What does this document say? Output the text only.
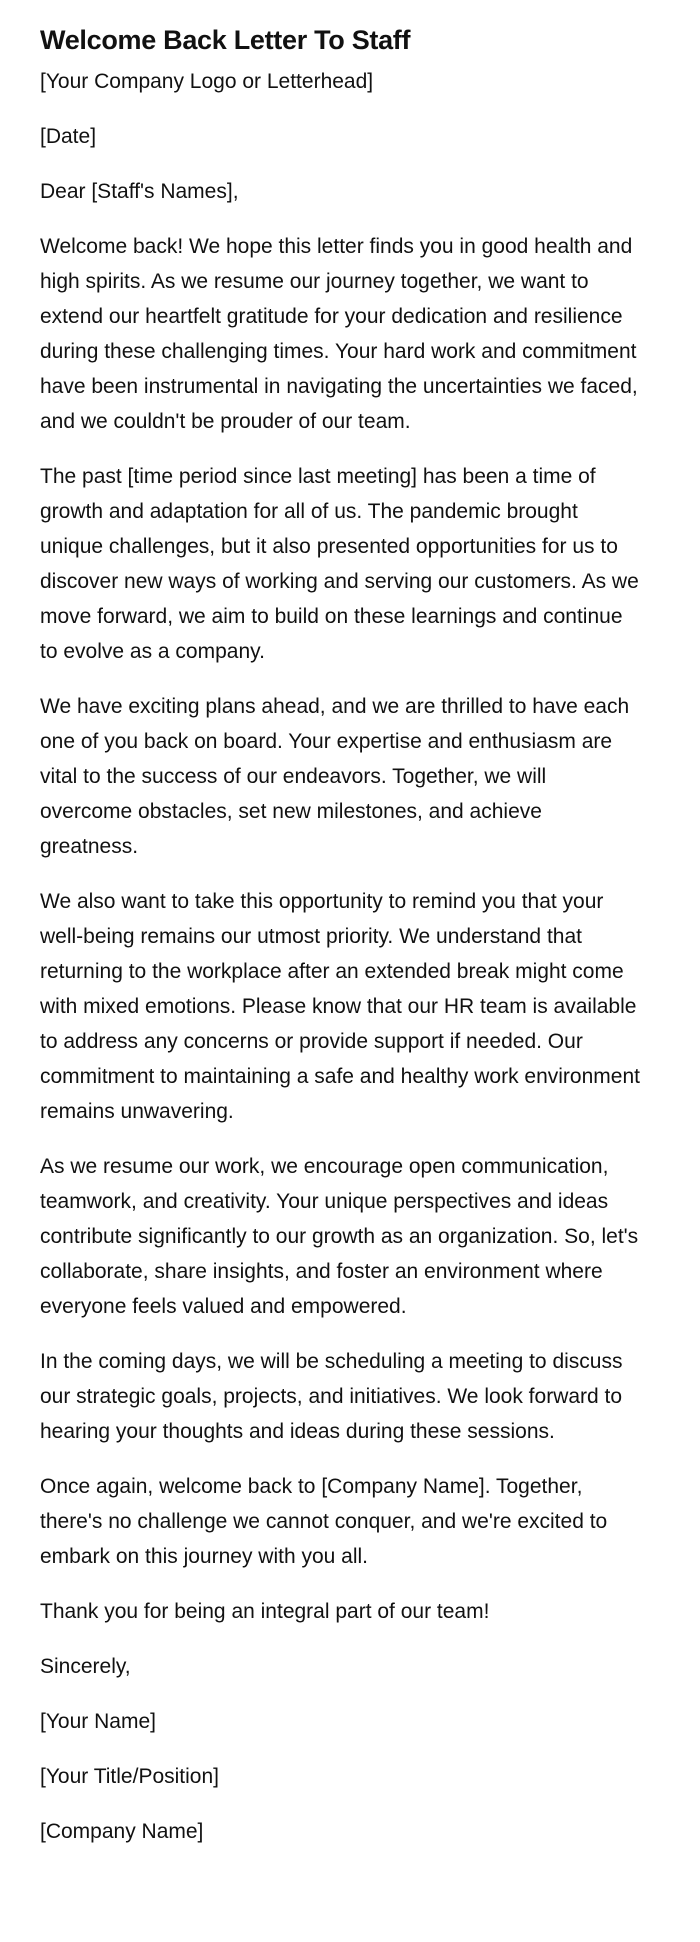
Welcome Back Letter To Staff

[Your Company Logo or Letterhead]

[Date]

Dear [Staff's Names],

Welcome back! We hope this letter finds you in good health and high spirits. As we resume our journey together, we want to extend our heartfelt gratitude for your dedication and resilience during these challenging times. Your hard work and commitment have been instrumental in navigating the uncertainties we faced, and we couldn't be prouder of our team.

The past [time period since last meeting] has been a time of growth and adaptation for all of us. The pandemic brought unique challenges, but it also presented opportunities for us to discover new ways of working and serving our customers. As we move forward, we aim to build on these learnings and continue to evolve as a company.

We have exciting plans ahead, and we are thrilled to have each one of you back on board. Your expertise and enthusiasm are vital to the success of our endeavors. Together, we will overcome obstacles, set new milestones, and achieve greatness.

We also want to take this opportunity to remind you that your well-being remains our utmost priority. We understand that returning to the workplace after an extended break might come with mixed emotions. Please know that our HR team is available to address any concerns or provide support if needed. Our commitment to maintaining a safe and healthy work environment remains unwavering.

As we resume our work, we encourage open communication, teamwork, and creativity. Your unique perspectives and ideas contribute significantly to our growth as an organization. So, let's collaborate, share insights, and foster an environment where everyone feels valued and empowered.

In the coming days, we will be scheduling a meeting to discuss our strategic goals, projects, and initiatives. We look forward to hearing your thoughts and ideas during these sessions.

Once again, welcome back to [Company Name]. Together, there's no challenge we cannot conquer, and we're excited to embark on this journey with you all.

Thank you for being an integral part of our team!

Sincerely,

[Your Name]

[Your Title/Position]

[Company Name]
